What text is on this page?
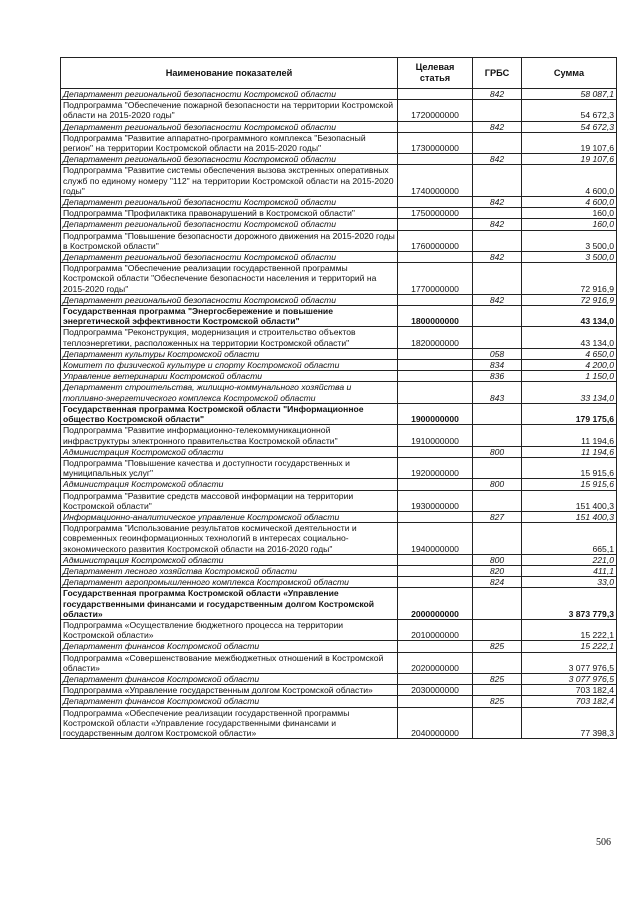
Наименование показателей	Целевая статья	ГРБС	Сумма
Департамент региональной безопасности Костромской области		842	58 087,1
Подпрограмма "Обеспечение пожарной безопасности на территории Костромской области на 2015-2020 годы"	1720000000		54 672,3
Департамент региональной безопасности Костромской области		842	54 672,3
Подпрограмма "Развитие аппаратно-программного комплекса "Безопасный регион" на территории Костромской области на 2015-2020 годы"	1730000000		19 107,6
Департамент региональной безопасности Костромской области		842	19 107,6
Подпрограмма "Развитие системы обеспечения вызова экстренных оперативных служб по единому номеру "112" на территории Костромской области на 2015-2020 годы"	1740000000		4 600,0
Департамент региональной безопасности Костромской области		842	4 600,0
Подпрограмма "Профилактика правонарушений в Костромской области"	1750000000		160,0
Департамент региональной безопасности Костромской области		842	160,0
Подпрограмма "Повышение безопасности дорожного движения на 2015-2020 годы в Костромской области"	1760000000		3 500,0
Департамент региональной безопасности Костромской области		842	3 500,0
Подпрограмма "Обеспечение реализации государственной программы Костромской области "Обеспечение безопасности населения и территорий на 2015-2020 годы"	1770000000		72 916,9
Департамент региональной безопасности Костромской области		842	72 916,9
Государственная программа "Энергосбережение и повышение энергетической эффективности Костромской области"	1800000000		43 134,0
Подпрограмма "Реконструкция, модернизация и строительство объектов теплоэнергетики, расположенных на территории Костромской области"	1820000000		43 134,0
Департамент культуры Костромской области		058	4 650,0
Комитет по физической культуре и спорту Костромской области		834	4 200,0
Управление ветеринарии Костромской области		836	1 150,0
Департамент строительства, жилищно-коммунального хозяйства и топливно-энергетического комплекса Костромской области		843	33 134,0
Государственная программа Костромской области "Информационное общество Костромской области"	1900000000		179 175,6
Подпрограмма "Развитие информационно-телекоммуникационной инфраструктуры электронного правительства Костромской области"	1910000000		11 194,6
Администрация Костромской области		800	11 194,6
Подпрограмма "Повышение качества и доступности государственных и муниципальных услуг"	1920000000		15 915,6
Администрация Костромской области		800	15 915,6
Подпрограмма "Развитие средств массовой информации на территории Костромской области"	1930000000		151 400,3
Информационно-аналитическое управление Костромской области		827	151 400,3
Подпрограмма "Использование результатов космической деятельности и современных геоинформационных технологий в интересах социально-экономического развития Костромской области на 2016-2020 годы"	1940000000		665,1
Администрация Костромской области		800	221,0
Департамент лесного хозяйства Костромской области		820	411,1
Департамент агропромышленного комплекса Костромской области		824	33,0
Государственная программа Костромской области «Управление государственными финансами и государственным долгом Костромской области»	2000000000		3 873 779,3
Подпрограмма «Осуществление бюджетного процесса на территории Костромской области»	2010000000		15 222,1
Департамент финансов Костромской области		825	15 222,1
Подпрограмма «Совершенствование межбюджетных отношений в Костромской области»	2020000000		3 077 976,5
Департамент финансов Костромской области		825	3 077 976,5
Подпрограмма «Управление государственным долгом Костромской области»	2030000000		703 182,4
Департамент финансов Костромской области		825	703 182,4
Подпрограмма «Обеспечение реализации государственной программы Костромской области «Управление государственными финансами и государственным долгом Костромской области»	2040000000		77 398,3
506
